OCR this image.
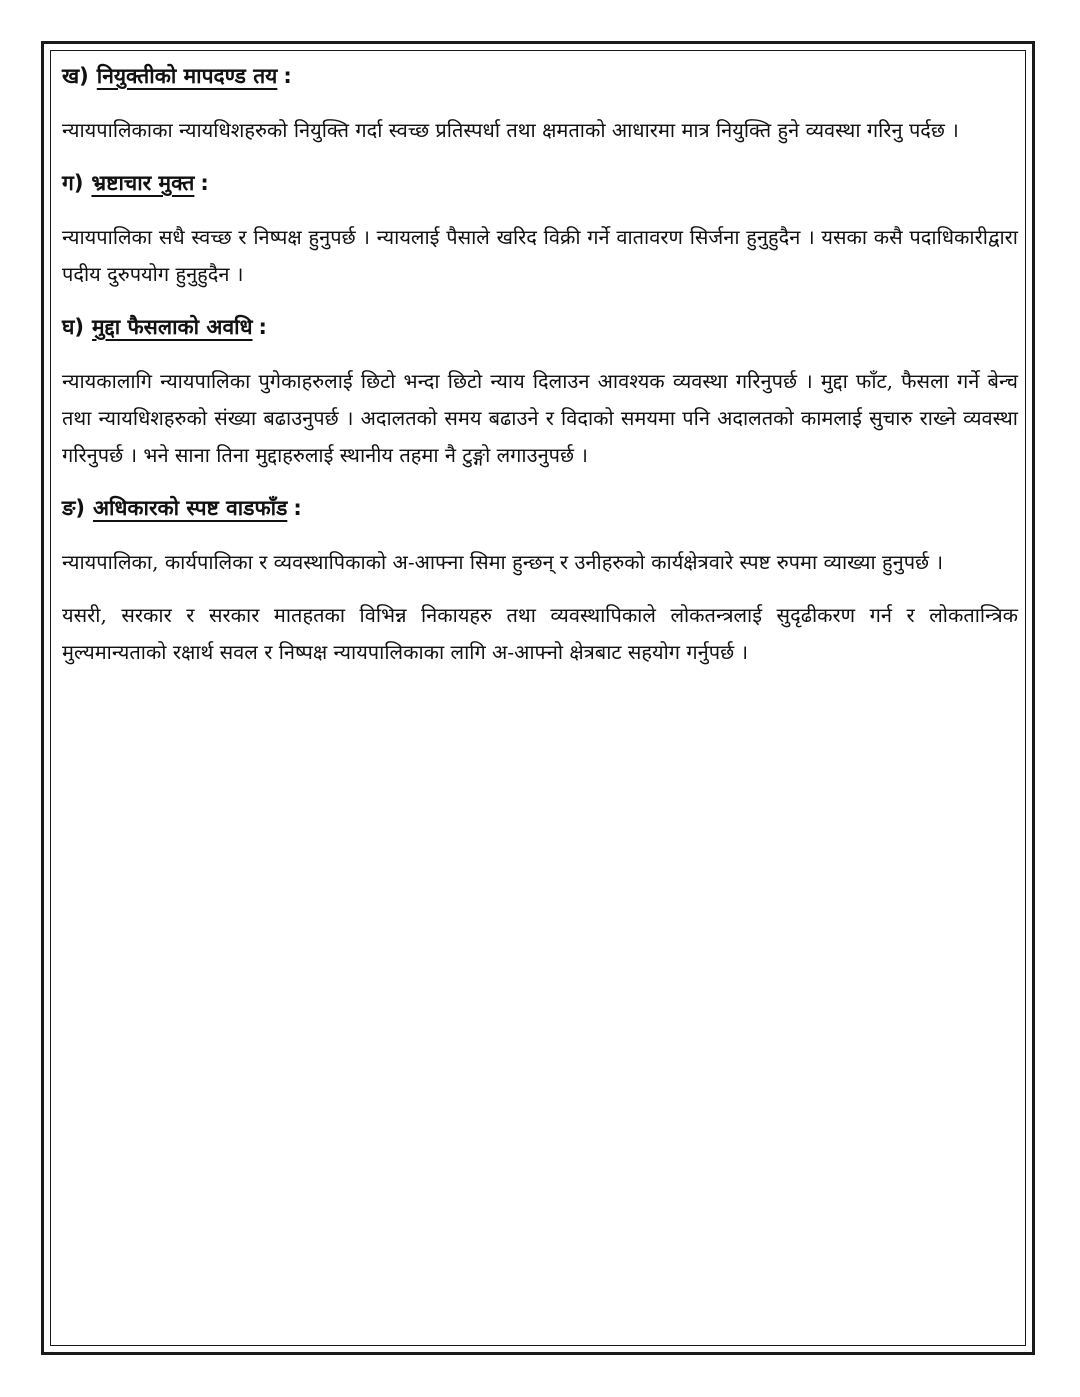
ख) नियुक्तीको मापदण्ड तय :

न्यायपालिकाका न्यायधिशहरुको नियुक्ति गर्दा स्वच्छ प्रतिस्पर्धा तथा क्षमताको आधारमा मात्र नियुक्ति हुने व्यवस्था गरिनु पर्दछ ।

ग) भ्रष्टाचार मुक्त :

न्यायपालिका सधै स्वच्छ र निष्पक्ष हुनुपर्छ । न्यायलाई पैसाले खरिद विक्री गर्ने वातावरण सिर्जना हुनुहुदैन । यसका कसै पदाधिकारीद्वारा पदीय दुरुपयोग हुनुहुदैन ।

घ) मुद्दा फैसलाको अवधि :

न्यायकालागि न्यायपालिका पुगेकाहरुलाई छिटो भन्दा छिटो न्याय दिलाउन आवश्यक व्यवस्था गरिनुपर्छ । मुद्दा फाँट, फैसला गर्ने बेन्च तथा न्यायधिशहरुको संख्या बढाउनुपर्छ । अदालतको समय बढाउने र विदाको समयमा पनि अदालतको कामलाई सुचारु राख्ने व्यवस्था गरिनुपर्छ । भने साना तिना मुद्दाहरुलाई स्थानीय तहमा नै टुङ्गो लगाउनुपर्छ ।

ङ) अधिकारको स्पष्ट वाडफाँड :

न्यायपालिका, कार्यपालिका र व्यवस्थापिकाको अ-आफ्ना सिमा हुन्छन् र उनीहरुको कार्यक्षेत्रवारे स्पष्ट रुपमा व्याख्या हुनुपर्छ ।

यसरी, सरकार र सरकार मातहतका विभिन्न निकायहरु तथा व्यवस्थापिकाले लोकतन्त्रलाई सुदृढीकरण गर्न र लोकतान्त्रिक मुल्यमान्यताको रक्षार्थ सवल र निष्पक्ष न्यायपालिकाका लागि अ-आफ्नो क्षेत्रबाट सहयोग गर्नुपर्छ ।
